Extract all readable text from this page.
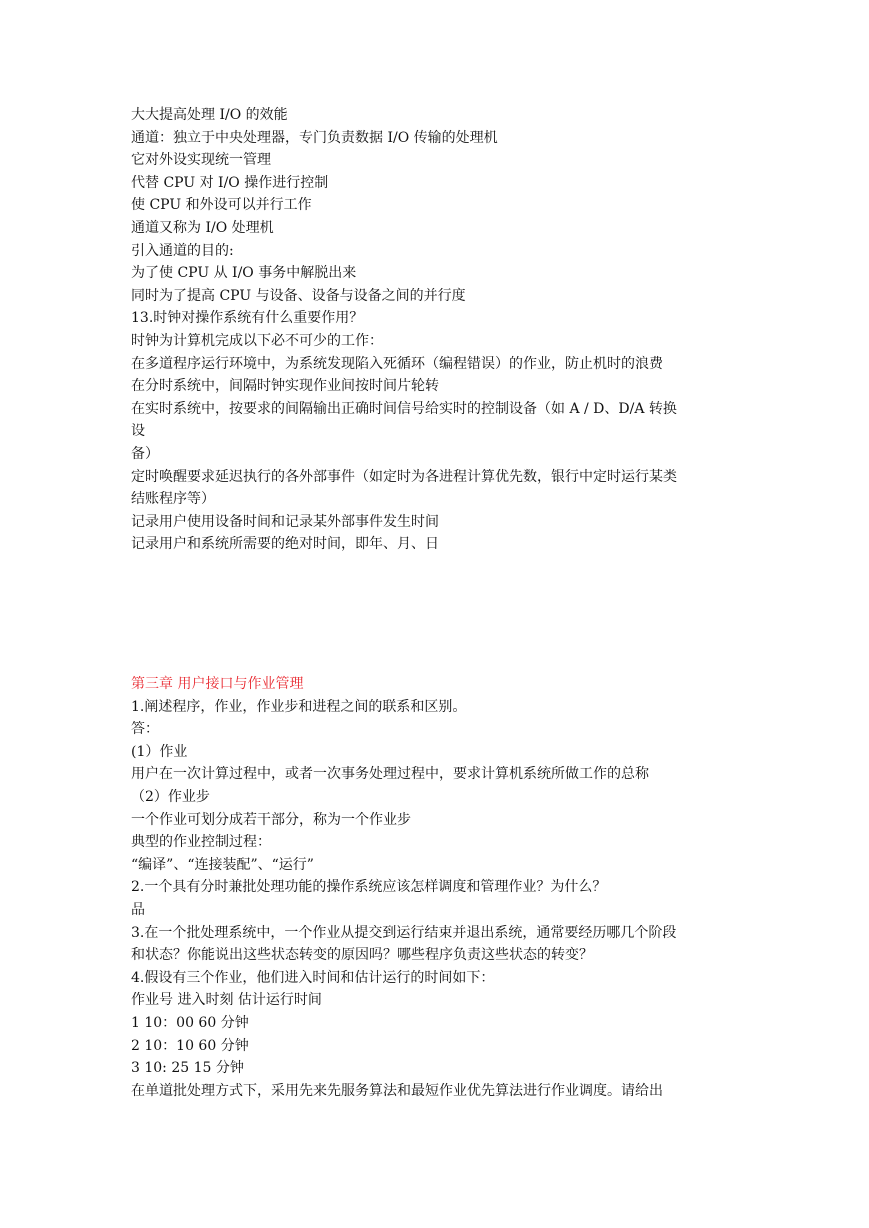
大大提高处理 I/O 的效能
通道：独立于中央处理器，专门负责数据 I/O 传输的处理机
它对外设实现统一管理
代替 CPU 对 I/O 操作进行控制
使 CPU 和外设可以并行工作
通道又称为 I/O 处理机
引入通道的目的:
为了使 CPU 从 I/O 事务中解脱出来
同时为了提高 CPU 与设备、设备与设备之间的并行度
13.时钟对操作系统有什么重要作用？
时钟为计算机完成以下必不可少的工作：
在多道程序运行环境中，为系统发现陷入死循环（编程错误）的作业，防止机时的浪费
在分时系统中，间隔时钟实现作业间按时间片轮转
在实时系统中，按要求的间隔输出正确时间信号给实时的控制设备（如 A / D、D/A 转换
设
备）
定时唤醒要求延迟执行的各外部事件（如定时为各进程计算优先数，银行中定时运行某类
结账程序等）
记录用户使用设备时间和记录某外部事件发生时间
记录用户和系统所需要的绝对时间，即年、月、日
第三章 用户接口与作业管理
1.阐述程序，作业，作业步和进程之间的联系和区别。
答：
(1）作业
用户在一次计算过程中，或者一次事务处理过程中，要求计算机系统所做工作的总称
（2）作业步
一个作业可划分成若干部分，称为一个作业步
典型的作业控制过程：
“编译”、“连接装配”、“运行”
2.一个具有分时兼批处理功能的操作系统应该怎样调度和管理作业？为什么？
品
3.在一个批处理系统中，一个作业从提交到运行结束并退出系统，通常要经历哪几个阶段
和状态？你能说出这些状态转变的原因吗？哪些程序负责这些状态的转变？
4.假设有三个作业，他们进入时间和估计运行的时间如下：
作业号 进入时刻 估计运行时间
1 10：00 60 分钟
2 10：10 60 分钟
3 10: 25 15 分钟
在单道批处理方式下，采用先来先服务算法和最短作业优先算法进行作业调度。请给出
